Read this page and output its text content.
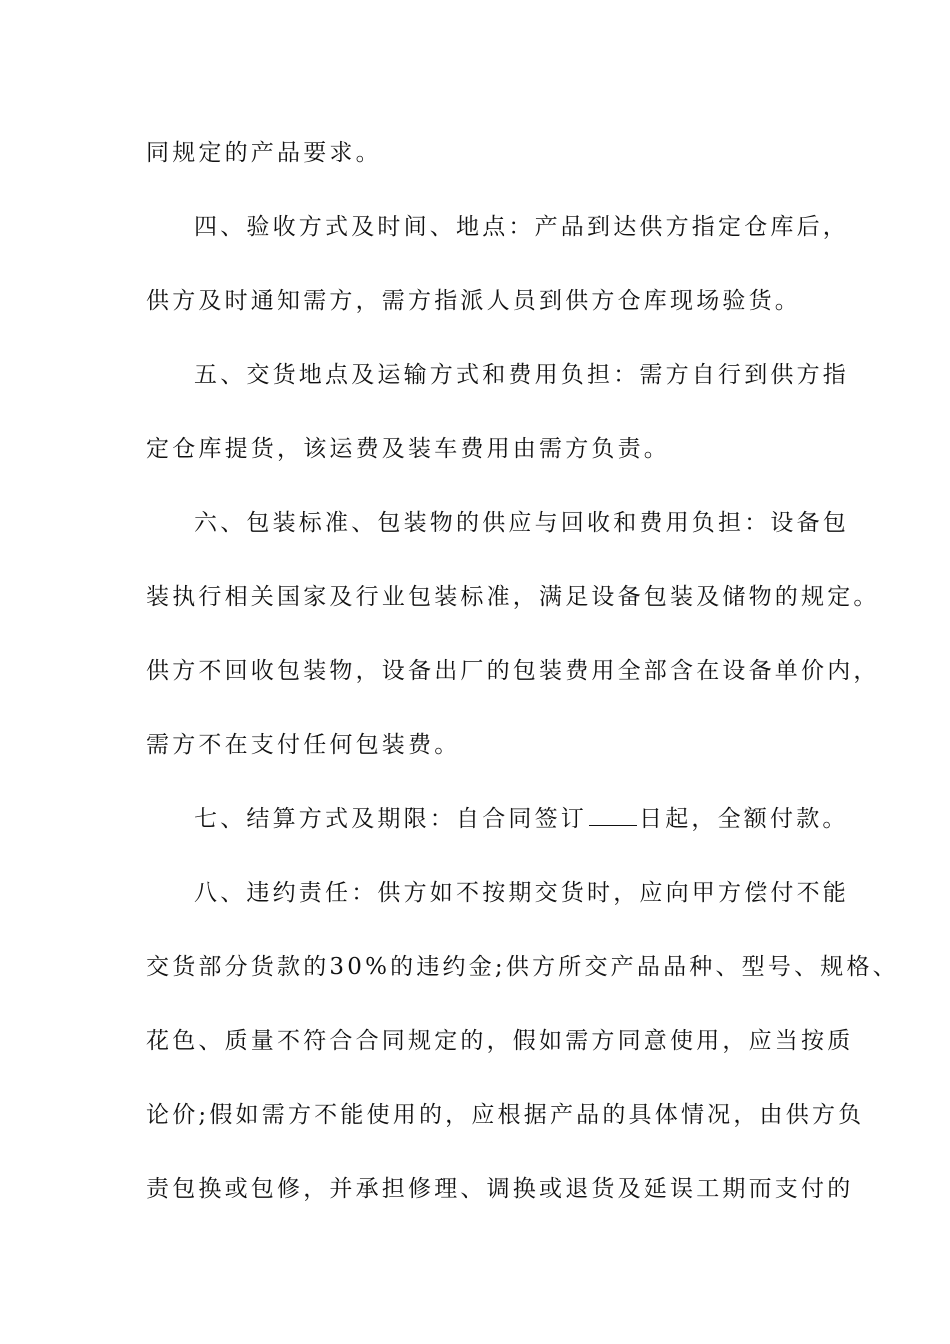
同规定的产品要求。
四、验收方式及时间、地点：产品到达供方指定仓库后，
供方及时通知需方，需方指派人员到供方仓库现场验货。
五、交货地点及运输方式和费用负担：需方自行到供方指
定仓库提货，该运费及装车费用由需方负责。
六、包装标准、包装物的供应与回收和费用负担：设备包
装执行相关国家及行业包装标准，满足设备包装及储物的规定。
供方不回收包装物，设备出厂的包装费用全部含在设备单价内，
需方不在支付任何包装费。
七、结算方式及期限：自合同签订 日起，全额付款。
八、违约责任：供方如不按期交货时，应向甲方偿付不能
交货部分货款的30%的违约金;供方所交产品品种、型号、规格、
花色、质量不符合合同规定的，假如需方同意使用，应当按质
论价;假如需方不能使用的，应根据产品的具体情况，由供方负
责包换或包修，并承担修理、调换或退货及延误工期而支付的
